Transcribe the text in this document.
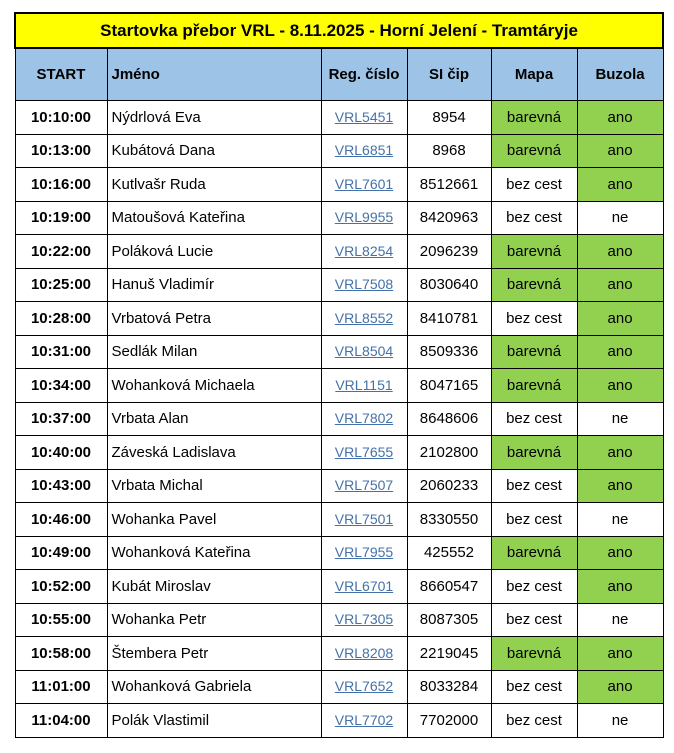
Startovka přebor VRL - 8.11.2025 - Horní Jelení - Tramtáryje					
START	Jméno	Reg. číslo	SI čip	Mapa	Buzola
10:10:00	Nýdrlová Eva	VRL5451	8954	barevná	ano
10:13:00	Kubátová Dana	VRL6851	8968	barevná	ano
10:16:00	Kutlvašr Ruda	VRL7601	8512661	bez cest	ano
10:19:00	Matoušová Kateřina	VRL9955	8420963	bez cest	ne
10:22:00	Poláková Lucie	VRL8254	2096239	barevná	ano
10:25:00	Hanuš Vladimír	VRL7508	8030640	barevná	ano
10:28:00	Vrbatová Petra	VRL8552	8410781	bez cest	ano
10:31:00	Sedlák Milan	VRL8504	8509336	barevná	ano
10:34:00	Wohanková Michaela	VRL1151	8047165	barevná	ano
10:37:00	Vrbata Alan	VRL7802	8648606	bez cest	ne
10:40:00	Záveská Ladislava	VRL7655	2102800	barevná	ano
10:43:00	Vrbata Michal	VRL7507	2060233	bez cest	ano
10:46:00	Wohanka Pavel	VRL7501	8330550	bez cest	ne
10:49:00	Wohanková Kateřina	VRL7955	425552	barevná	ano
10:52:00	Kubát Miroslav	VRL6701	8660547	bez cest	ano
10:55:00	Wohanka Petr	VRL7305	8087305	bez cest	ne
10:58:00	Štembera Petr	VRL8208	2219045	barevná	ano
11:01:00	Wohanková Gabriela	VRL7652	8033284	bez cest	ano
11:04:00	Polák Vlastimil	VRL7702	7702000	bez cest	ne
